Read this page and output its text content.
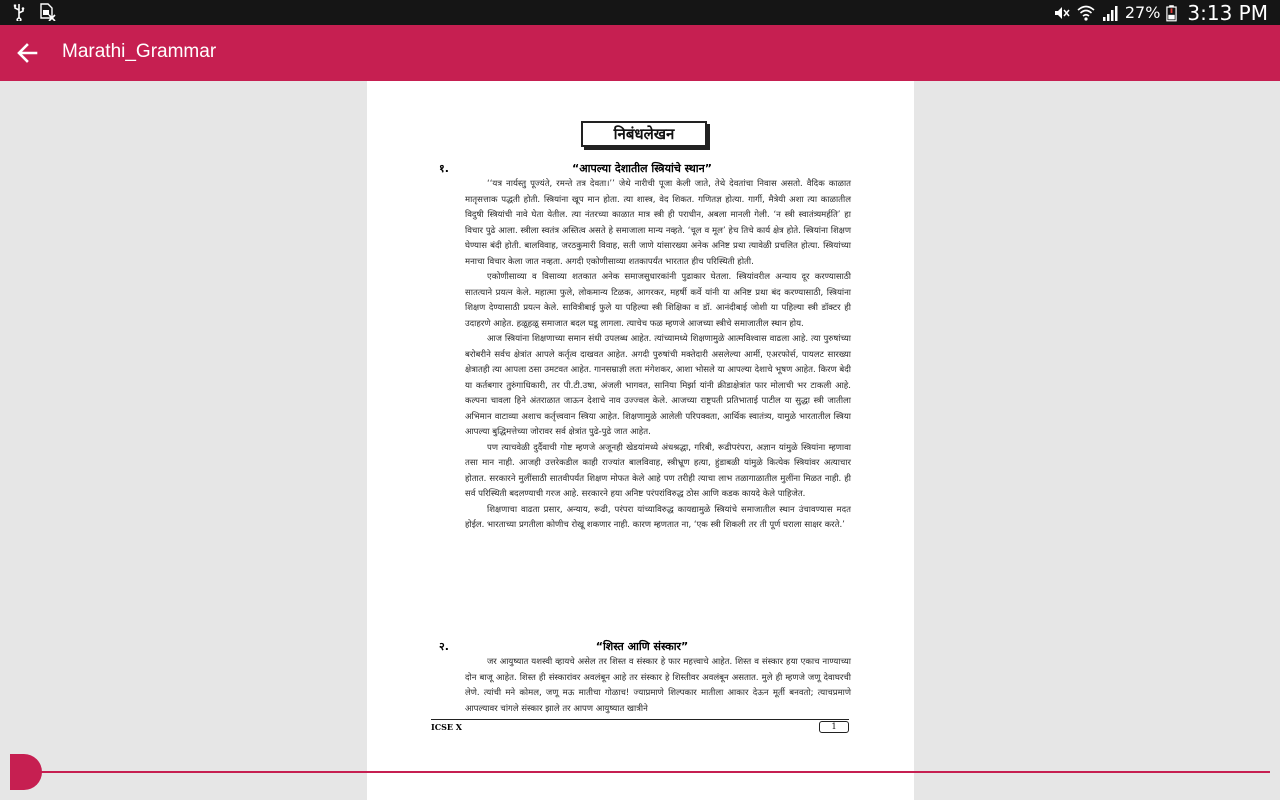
27% 3:13 PM
Marathi_Grammar
निबंधलेखन
१.	“आपल्या देशातील स्त्रियांचे स्थान”

‘‘यत्र नार्यस्तु पूज्यंते, रमन्ते तत्र देवता।’’ जेथे नारीची पूजा केली जाते, तेथे देवतांचा निवास असतो. वैदिक काळात मातृसत्ताक पद्धती होती. स्त्रियांना खूप मान होता. त्या शास्त्र, वेद शिकत. गणितज्ञ होत्या. गार्गी, मैत्रेयी अशा त्या काळातील विदुषी स्त्रियांची नावे घेता येतील. त्या नंतरच्या काळात मात्र स्त्री ही पराधीन, अबला मानली गेली. ‘न स्त्री स्वातंत्र्यमर्हति’ हा विचार पुढे आला. स्त्रीला स्वतंत्र अस्तित्व असते हे समाजाला मान्य नव्हते. ‘चूल व मूल’ हेच तिचे कार्य क्षेत्र होते. स्त्रियांना शिक्षण घेण्यास बंदी होती. बालविवाह, जरठकुमारी विवाह, सती जाणे यांसारख्या अनेक अनिष्ट प्रथा त्यावेळी प्रचलित होत्या. स्त्रियांच्या मनाचा विचार केला जात नव्हता. अगदी एकोणीसाव्या शतकापर्यंत भारतात हीच परिस्थिती होती.

एकोणीसाव्या व विसाव्या शतकात अनेक समाजसुधारकांनी पुढाकार घेतला. स्त्रियांवरील अन्याय दूर करण्यासाठी सातत्याने प्रयत्न केले. महात्मा फुले, लोकमान्य टिळक, आगरकर, महर्षी कर्वे यांनी या अनिष्ट प्रथा बंद करण्यासाठी, स्त्रियांना शिक्षण देण्यासाठी प्रयत्न केले. सावित्रीबाई फुले या पहिल्या स्त्री शिक्षिका व डॉ. आनंदीबाई जोशी या पहिल्या स्त्री डॉक्टर ही उदाहरणे आहेत. हळूहळू समाजात बदल घडू लागला. त्याचेच फळ म्हणजे आजच्या स्त्रीचे समाजातील स्थान होय.

आज स्त्रियांना शिक्षणाच्या समान संधी उपलब्ध आहेत. त्यांच्यामध्ये शिक्षणामुळे आत्मविश्वास वाढला आहे. त्या पुरुषांच्या बरोबरीने सर्वच क्षेत्रांत आपले कर्तृत्व दाखवत आहेत. अगदी पुरुषांची मक्तेदारी असलेल्या आर्मी, एअरफोर्स, पायलट सारख्या क्षेत्रातही त्या आपला ठसा उमटवत आहेत. गानसम्राज्ञी लता मंगेशकर, आशा भोसले या आपल्या देशाचे भूषण आहेत. किरण बेदी या कर्तबगार तुरुंगाधिकारी, तर पी.टी.उषा, अंजली भागवत, सानिया मिर्झा यांनी क्रीडाक्षेत्रांत फार मोलाची भर टाकली आहे. कल्पना चावला हिने अंतराळात जाऊन देशाचे नाव उज्ज्वल केले. आजच्या राष्ट्रपती प्रतिभाताई पाटील या सुद्धा स्त्री जातीला अभिमान वाटाव्या अशाच कर्तृत्त्ववान स्त्रिया आहेत. शिक्षणामुळे आलेली परिपक्वता, आर्थिक स्वातंत्र्य, यामुळे भारतातील स्त्रिया आपल्या बुद्धिमत्तेच्या जोरावर सर्व क्षेत्रांत पुढे-पुढे जात आहेत.

पण त्याचवेळी दुर्दैवाची गोष्ट म्हणजे अजूनही खेडयांमध्ये अंधश्रद्धा, गरिबी, रूढीपरंपरा, अज्ञान यांमुळे स्त्रियांना म्हणावा तसा मान नाही. आजही उत्तरेकडील काही राज्यांत बालविवाह, स्त्रीभ्रूण हत्या, हुंडाबळी यांमुळे कित्येक स्त्रियांवर अत्याचार होतात. सरकारने मुलींसाठी सातवीपर्यंत शिक्षण मोफत केले आहे पण तरीही त्याचा लाभ तळागाळातील मुलींना मिळत नाही. ही सर्व परिस्थिती बदलण्याची गरज आहे. सरकारने हया अनिष्ट परंपरांविरुद्ध ठोस आणि कडक कायदे केले पाहिजेत.

शिक्षणाचा वाढता प्रसार, अन्याय, रूढी, परंपरा यांच्याविरुद्ध कायद्यामुळे स्त्रियांचे समाजातील स्थान उंचावण्यास मदत होईल. भारताच्या प्रगतीला कोणीच रोखू शकणार नाही. कारण म्हणतात ना, ‘एक स्त्री शिकली तर ती पूर्ण घराला साक्षर करते.’

२.	“शिस्त आणि संस्कार”

जर आयुष्यात यशस्वी व्हायचे असेल तर शिस्त व संस्कार हे फार महत्त्वाचे आहेत. शिस्त व संस्कार हया एकाच नाण्याच्या दोन बाजू आहेत. शिस्त ही संस्कारांवर अवलंबून आहे तर संस्कार हे शिस्तीवर अवलंबून असतात. मुले ही म्हणजे जणू देवाघरची लेणे. त्यांची मने कोमल, जणू मऊ मातीचा गोळाच! ज्याप्रमाणे शिल्पकार मातीला आकार देऊन मूर्ती बनवतो; त्याचप्रमाणे आपल्यावर चांगले संस्कार झाले तर आपण आयुष्यात खात्रीने

ICSE X	1
